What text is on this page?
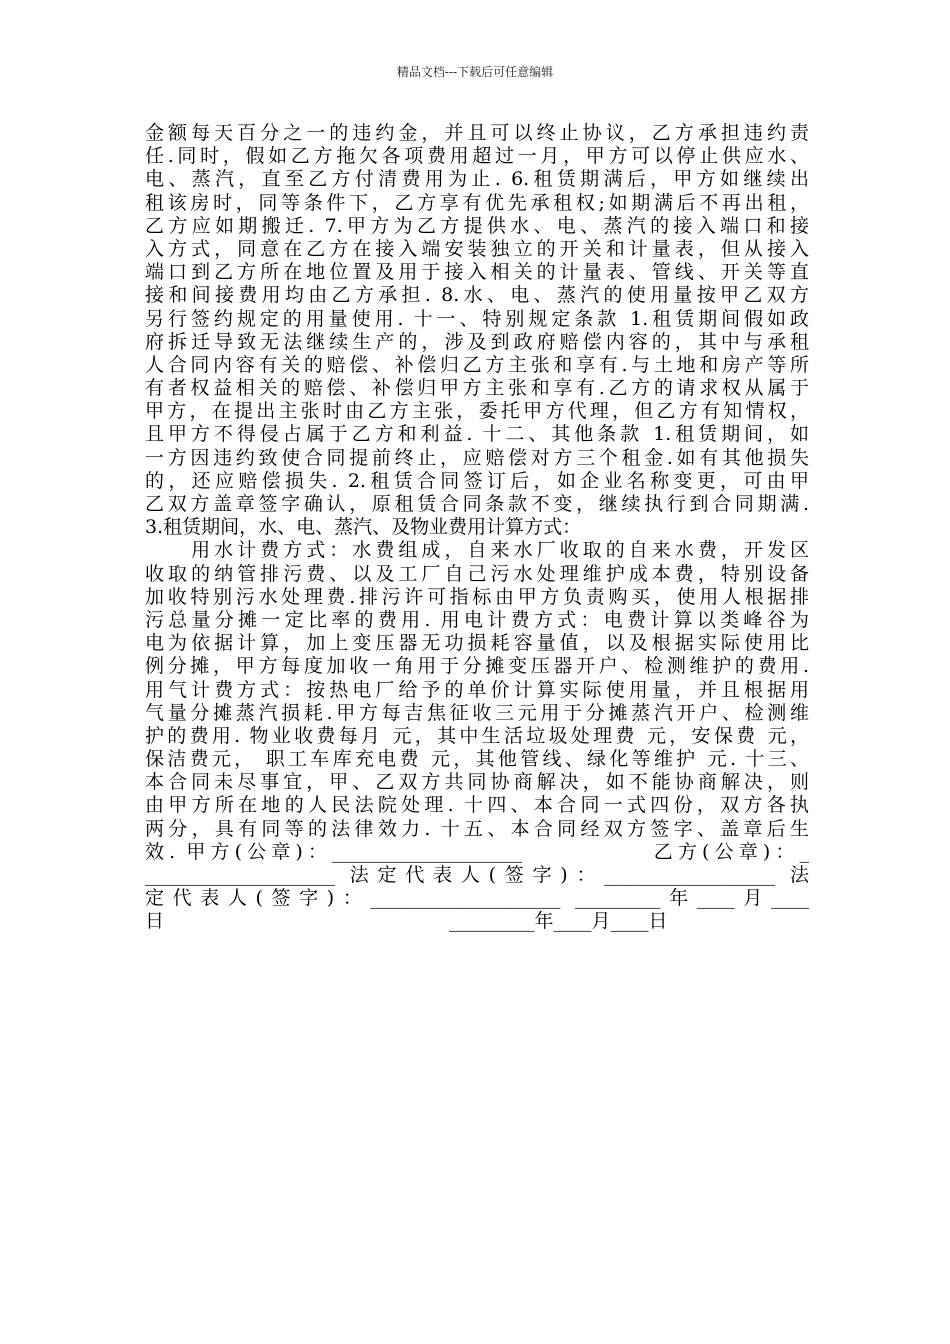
精品文档---下载后可任意编辑
金额每天百分之一的违约金，并且可以终止协议，乙方承担违约责
任.同时，假如乙方拖欠各项费用超过一月，甲方可以停止供应水、
电、蒸汽，直至乙方付清费用为止. 6.租赁期满后，甲方如继续出
租该房时，同等条件下，乙方享有优先承租权;如期满后不再出租，
乙方应如期搬迁. 7.甲方为乙方提供水、电、蒸汽的接入端口和接
入方式，同意在乙方在接入端安装独立的开关和计量表，但从接入
端口到乙方所在地位置及用于接入相关的计量表、管线、开关等直
接和间接费用均由乙方承担. 8.水、电、蒸汽的使用量按甲乙双方
另行签约规定的用量使用. 十一、特别规定条款 1.租赁期间假如政
府拆迁导致无法继续生产的，涉及到政府赔偿内容的，其中与承租
人合同内容有关的赔偿、补偿归乙方主张和享有.与土地和房产等所
有者权益相关的赔偿、补偿归甲方主张和享有.乙方的请求权从属于
甲方，在提出主张时由乙方主张，委托甲方代理，但乙方有知情权，
且甲方不得侵占属于乙方和利益. 十二、其他条款 1.租赁期间，如
一方因违约致使合同提前终止，应赔偿对方三个租金.如有其他损失
的，还应赔偿损失. 2.租赁合同签订后，如企业名称变更，可由甲
乙双方盖章签字确认，原租赁合同条款不变，继续执行到合同期满.
3.租赁期间，水、电、蒸汽、及物业费用计算方式：
　　用水计费方式：水费组成，自来水厂收取的自来水费，开发区
收取的纳管排污费、以及工厂自己污水处理维护成本费，特别设备
加收特别污水处理费.排污许可指标由甲方负责购买，使用人根据排
污总量分摊一定比率的费用. 用电计费方式：电费计算以类峰谷为
电为依据计算，加上变压器无功损耗容量值，以及根据实际使用比
例分摊，甲方每度加收一角用于分摊变压器开户、检测维护的费用.
用气计费方式：按热电厂给予的单价计算实际使用量，并且根据用
气量分摊蒸汽损耗.甲方每吉焦征收三元用于分摊蒸汽开户、检测维
护的费用. 物业收费每月 元，其中生活垃圾处理费 元，安保费 元，
保洁费元， 职工车库充电费 元，其他管线、绿化等维护 元. 十三、
本合同未尽事宜，甲、乙双方共同协商解决，如不能协商解决，则
由甲方所在地的人民法院处理. 十四、本合同一式四份，双方各执
两分，具有同等的法律效力. 十五、本合同经双方签字、盖章后生
效. 甲方(公章)：____________________ 　　　　　乙方(公章)：_
____________________ 法定代表人(签字)：__________________ 法
定代表人(签字)：____________________ _________年____月____
日　　　　　　　　　　　　　　　_________年____月____日
